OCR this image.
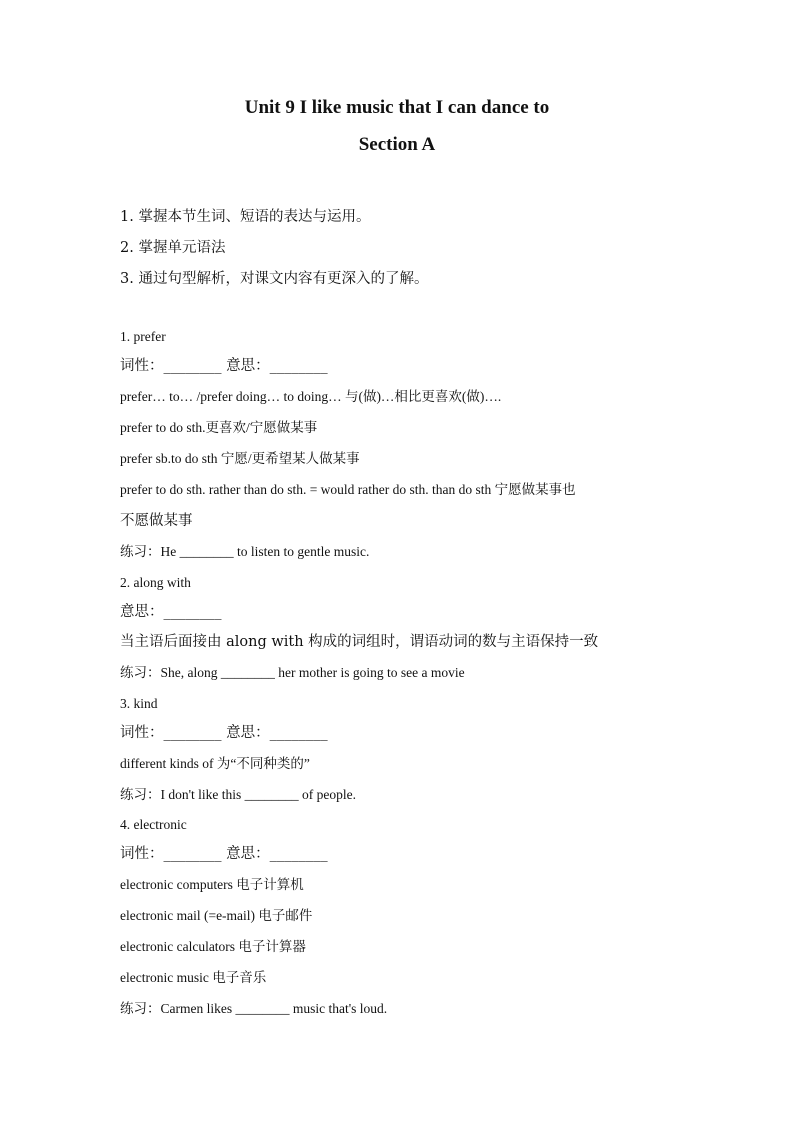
Unit 9 I like music that I can dance to
Section A
1. 掌握本节生词、短语的表达与运用。
2. 掌握单元语法
3. 通过句型解析，对课文内容有更深入的了解。
1. prefer
词性：________ 意思：________
prefer… to… /prefer doing… to doing… 与(做)…相比更喜欢(做)….
prefer to do sth.更喜欢/宁愿做某事
prefer sb.to do sth 宁愿/更希望某人做某事
prefer to do sth. rather than do sth. = would rather do sth. than do sth 宁愿做某事也
不愿做某事
练习：He ________ to listen to gentle music.
2. along with
意思：________
当主语后面接由 along with 构成的词组时，谓语动词的数与主语保持一致
练习：She, along ________ her mother is going to see a movie
3. kind
词性：________ 意思：________
different kinds of 为“不同种类的”
练习：I don't like this ________ of people.
4. electronic
词性：________ 意思：________
electronic computers 电子计算机
electronic mail (=e-mail) 电子邮件
electronic calculators 电子计算器
electronic music 电子音乐
练习：Carmen likes ________ music that's loud.
